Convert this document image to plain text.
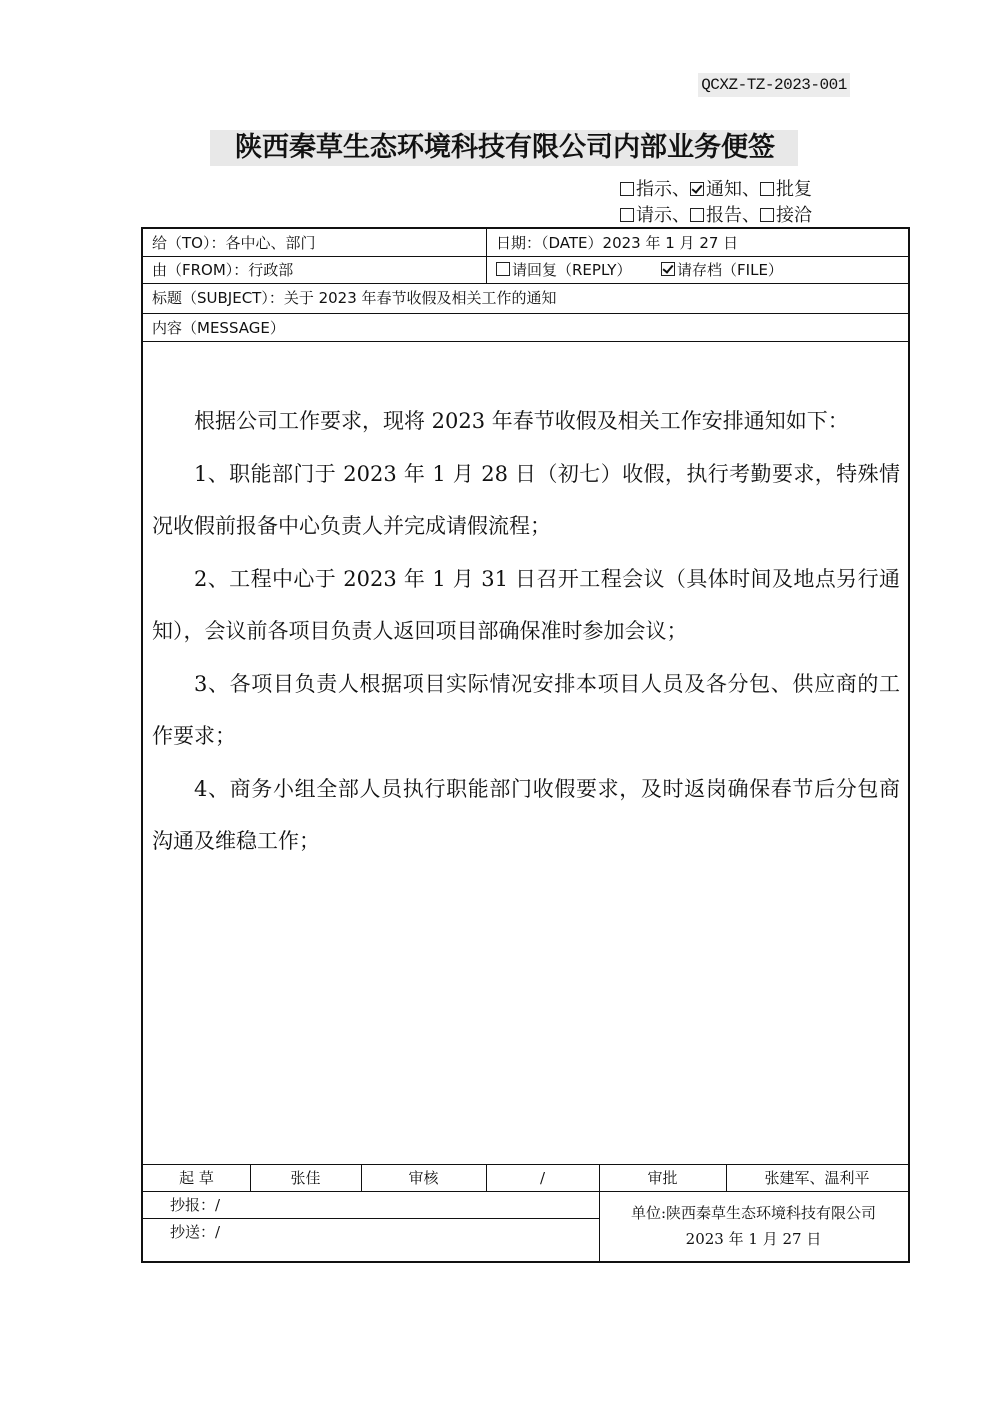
QCXZ-TZ-2023-001
陕西秦草生态环境科技有限公司内部业务便签
指示、 通知、 批复
请示、 报告、 接洽
给（TO）：各中心、部门	日期：（DATE）2023 年 1 月 27 日
由（FROM）：行政部	请回复（REPLY）	请存档（FILE）
标题（SUBJECT）：关于 2023 年春节收假及相关工作的通知
内容（MESSAGE）

根据公司工作要求，现将 2023 年春节收假及相关工作安排通知如下：

1、职能部门于 2023 年 1 月 28 日（初七）收假，执行考勤要求，特殊情况收假前报备中心负责人并完成请假流程；

2、工程中心于 2023 年 1 月 31 日召开工程会议（具体时间及地点另行通知），会议前各项目负责人返回项目部确保准时参加会议；

3、各项目负责人根据项目实际情况安排本项目人员及各分包、供应商的工作要求；

4、商务小组全部人员执行职能部门收假要求，及时返岗确保春节后分包商沟通及维稳工作；

起 草	张佳	审核	/	审批	张建军、温利平
抄报：/
抄送：/
单位:陕西秦草生态环境科技有限公司
2023 年 1 月 27 日
